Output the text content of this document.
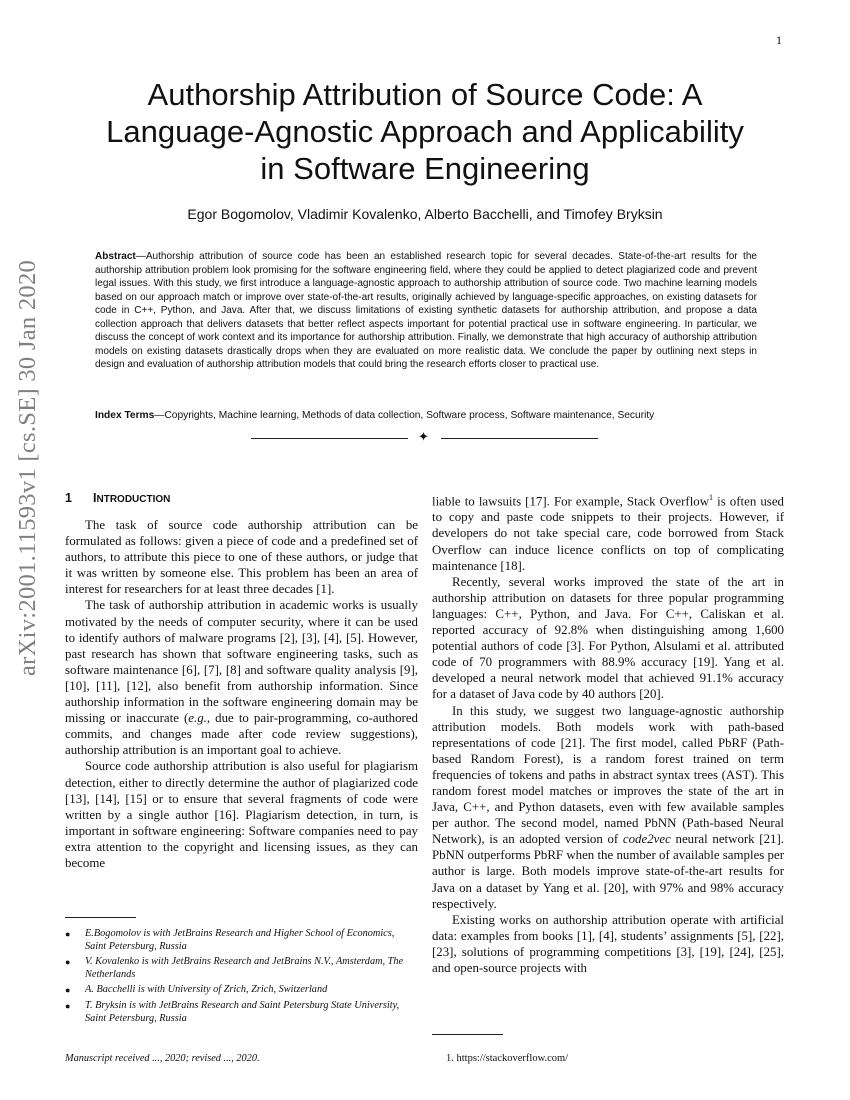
1
arXiv:2001.11593v1 [cs.SE] 30 Jan 2020
Authorship Attribution of Source Code: A
Language-Agnostic Approach and Applicability
in Software Engineering
Egor Bogomolov, Vladimir Kovalenko, Alberto Bacchelli, and Timofey Bryksin

Abstract—Authorship attribution of source code has been an established research topic for several decades. State-of-the-art results for the authorship attribution problem look promising for the software engineering field, where they could be applied to detect plagiarized code and prevent legal issues. With this study, we first introduce a language-agnostic approach to authorship attribution of source code. Two machine learning models based on our approach match or improve over state-of-the-art results, originally achieved by language-specific approaches, on existing datasets for code in C++, Python, and Java. After that, we discuss limitations of existing synthetic datasets for authorship attribution, and propose a data collection approach that delivers datasets that better reflect aspects important for potential practical use in software engineering. In particular, we discuss the concept of work context and its importance for authorship attribution. Finally, we demonstrate that high accuracy of authorship attribution models on existing datasets drastically drops when they are evaluated on more realistic data. We conclude the paper by outlining next steps in design and evaluation of authorship attribution models that could bring the research efforts closer to practical use.

Index Terms—Copyrights, Machine learning, Methods of data collection, Software process, Software maintenance, Security

✦
1 INTRODUCTION

The task of source code authorship attribution can be formulated as follows: given a piece of code and a predefined set of authors, to attribute this piece to one of these authors, or judge that it was written by someone else. This problem has been an area of interest for researchers for at least three decades [1].

The task of authorship attribution in academic works is usually motivated by the needs of computer security, where it can be used to identify authors of malware programs [2], [3], [4], [5]. However, past research has shown that software engineering tasks, such as software maintenance [6], [7], [8] and software quality analysis [9], [10], [11], [12], also benefit from authorship information. Since authorship information in the software engineering domain may be missing or inaccurate (e.g., due to pair-programming, co-authored commits, and changes made after code review suggestions), authorship attribution is an important goal to achieve.

Source code authorship attribution is also useful for plagiarism detection, either to directly determine the author of plagiarized code [13], [14], [15] or to ensure that several fragments of code were written by a single author [16]. Plagiarism detection, in turn, is important in software engineering: Software companies need to pay extra attention to the copyright and licensing issues, as they can become

liable to lawsuits [17]. For example, Stack Overflow$^1$ is often used to copy and paste code snippets to their projects. However, if developers do not take special care, code borrowed from Stack Overflow can induce licence conflicts on top of complicating maintenance [18].

Recently, several works improved the state of the art in authorship attribution on datasets for three popular programming languages: C++, Python, and Java. For C++, Caliskan et al. reported accuracy of 92.8% when distinguishing among 1,600 potential authors of code [3]. For Python, Alsulami et al. attributed code of 70 programmers with 88.9% accuracy [19]. Yang et al. developed a neural network model that achieved 91.1% accuracy for a dataset of Java code by 40 authors [20].

In this study, we suggest two language-agnostic authorship attribution models. Both models work with path-based representations of code [21]. The first model, called PbRF (Path-based Random Forest), is a random forest trained on term frequencies of tokens and paths in abstract syntax trees (AST). This random forest model matches or improves the state of the art in Java, C++, and Python datasets, even with few available samples per author. The second model, named PbNN (Path-based Neural Network), is an adopted version of code2vec neural network [21]. PbNN outperforms PbRF when the number of available samples per author is large. Both models improve state-of-the-art results for Java on a dataset by Yang et al. [20], with 97% and 98% accuracy respectively.

Existing works on authorship attribution operate with artificial data: examples from books [1], [4], students’ assignments [5], [22], [23], solutions of programming competitions [3], [19], [24], [25], and open-source projects with

● E.Bogomolov is with JetBrains Research and Higher School of Economics, Saint Petersburg, Russia
● V. Kovalenko is with JetBrains Research and JetBrains N.V., Amsterdam, The Netherlands
● A. Bacchelli is with University of Zrich, Zrich, Switzerland
● T. Bryksin is with JetBrains Research and Saint Petersburg State University, Saint Petersburg, Russia
Manuscript received ..., 2020; revised ..., 2020.	1. https://stackoverflow.com/
